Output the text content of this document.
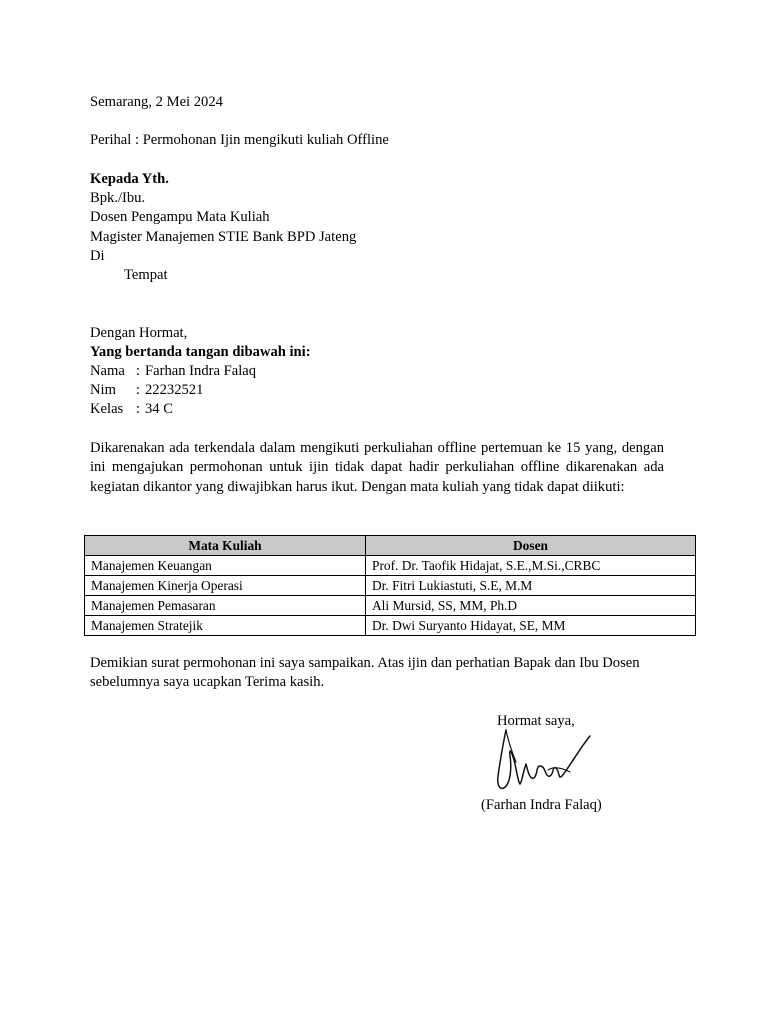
Semarang, 2 Mei 2024
Perihal : Permohonan Ijin mengikuti kuliah Offline
Kepada Yth.
Bpk./Ibu.
Dosen Pengampu Mata Kuliah
Magister Manajemen STIE Bank BPD Jateng
Di
Tempat
Dengan Hormat,
Yang bertanda tangan dibawah ini:
Nama : Farhan Indra Falaq
Nim : 22232521
Kelas : 34 C
Dikarenakan ada terkendala dalam mengikuti perkuliahan offline pertemuan ke 15 yang, dengan ini mengajukan permohonan untuk ijin tidak dapat hadir perkuliahan offline dikarenakan ada kegiatan dikantor yang diwajibkan harus ikut. Dengan mata kuliah yang tidak dapat diikuti:
Mata Kuliah	Dosen
Manajemen Keuangan	Prof. Dr. Taofik Hidajat, S.E.,M.Si.,CRBC
Manajemen Kinerja Operasi	Dr. Fitri Lukiastuti, S.E, M.M
Manajemen Pemasaran	Ali Mursid, SS, MM, Ph.D
Manajemen Stratejik	Dr. Dwi Suryanto Hidayat, SE, MM
Demikian surat permohonan ini saya sampaikan. Atas ijin dan perhatian Bapak dan Ibu Dosen
sebelumnya saya ucapkan Terima kasih.
Hormat saya,
(Farhan Indra Falaq)
